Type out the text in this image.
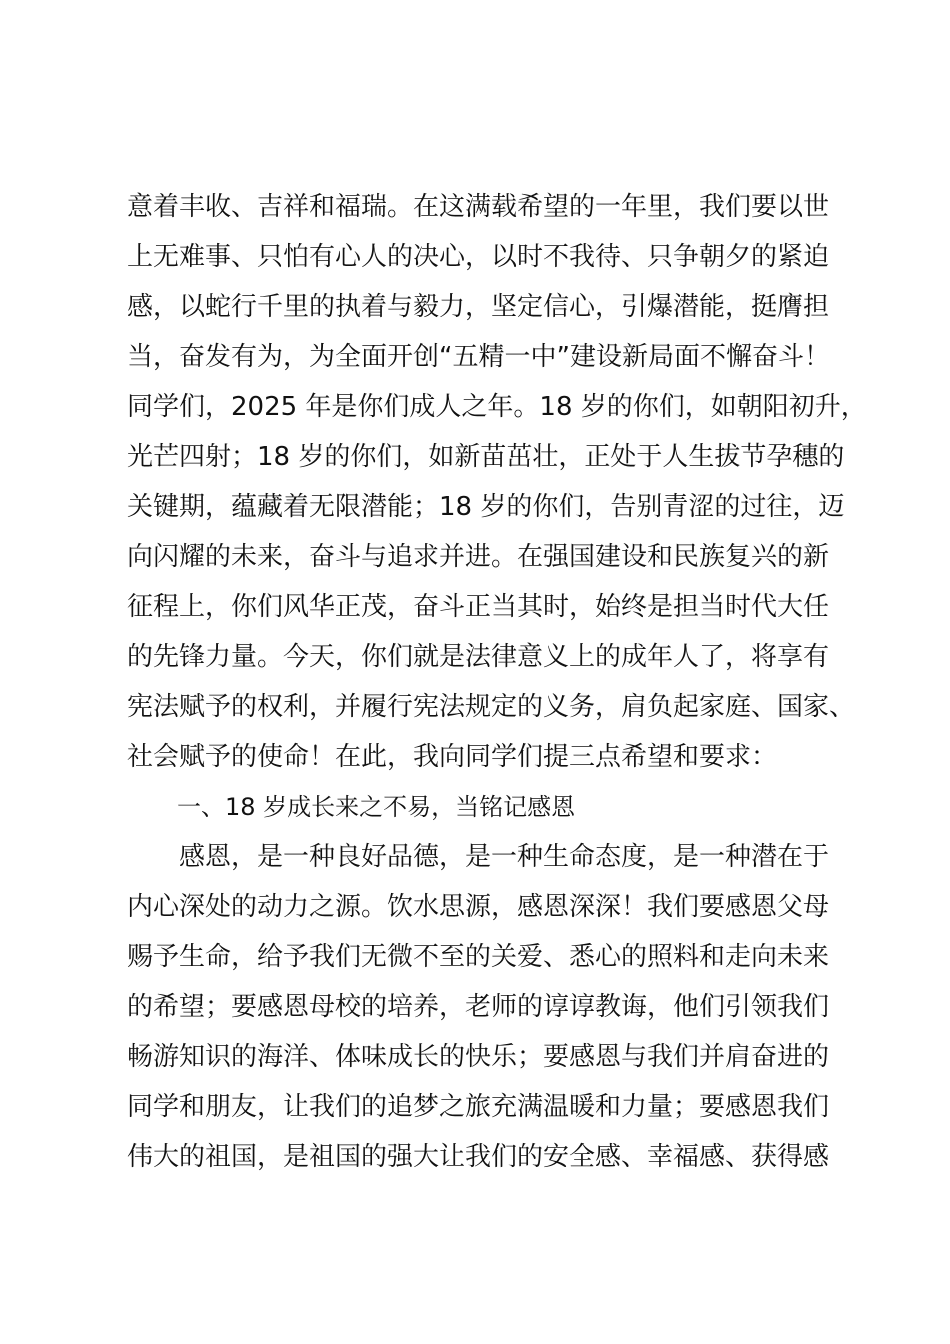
意着丰收、吉祥和福瑞。在这满载希望的一年里，我们要以世
上无难事、只怕有心人的决心，以时不我待、只争朝夕的紧迫
感，以蛇行千里的执着与毅力，坚定信心，引爆潜能，挺膺担
当，奋发有为，为全面开创“五精一中”建设新局面不懈奋斗！
同学们，2025 年是你们成人之年。18 岁的你们，如朝阳初升，
光芒四射；18 岁的你们，如新苗茁壮，正处于人生拔节孕穗的
关键期，蕴藏着无限潜能；18 岁的你们，告别青涩的过往，迈
向闪耀的未来，奋斗与追求并进。在强国建设和民族复兴的新
征程上，你们风华正茂，奋斗正当其时，始终是担当时代大任
的先锋力量。今天，你们就是法律意义上的成年人了，将享有
宪法赋予的权利，并履行宪法规定的义务，肩负起家庭、国家、
社会赋予的使命！在此，我向同学们提三点希望和要求：
一、18 岁成长来之不易，当铭记感恩
感恩，是一种良好品德，是一种生命态度，是一种潜在于
内心深处的动力之源。饮水思源，感恩深深！我们要感恩父母
赐予生命，给予我们无微不至的关爱、悉心的照料和走向未来
的希望；要感恩母校的培养，老师的谆谆教诲，他们引领我们
畅游知识的海洋、体味成长的快乐；要感恩与我们并肩奋进的
同学和朋友，让我们的追梦之旅充满温暖和力量；要感恩我们
伟大的祖国，是祖国的强大让我们的安全感、幸福感、获得感
